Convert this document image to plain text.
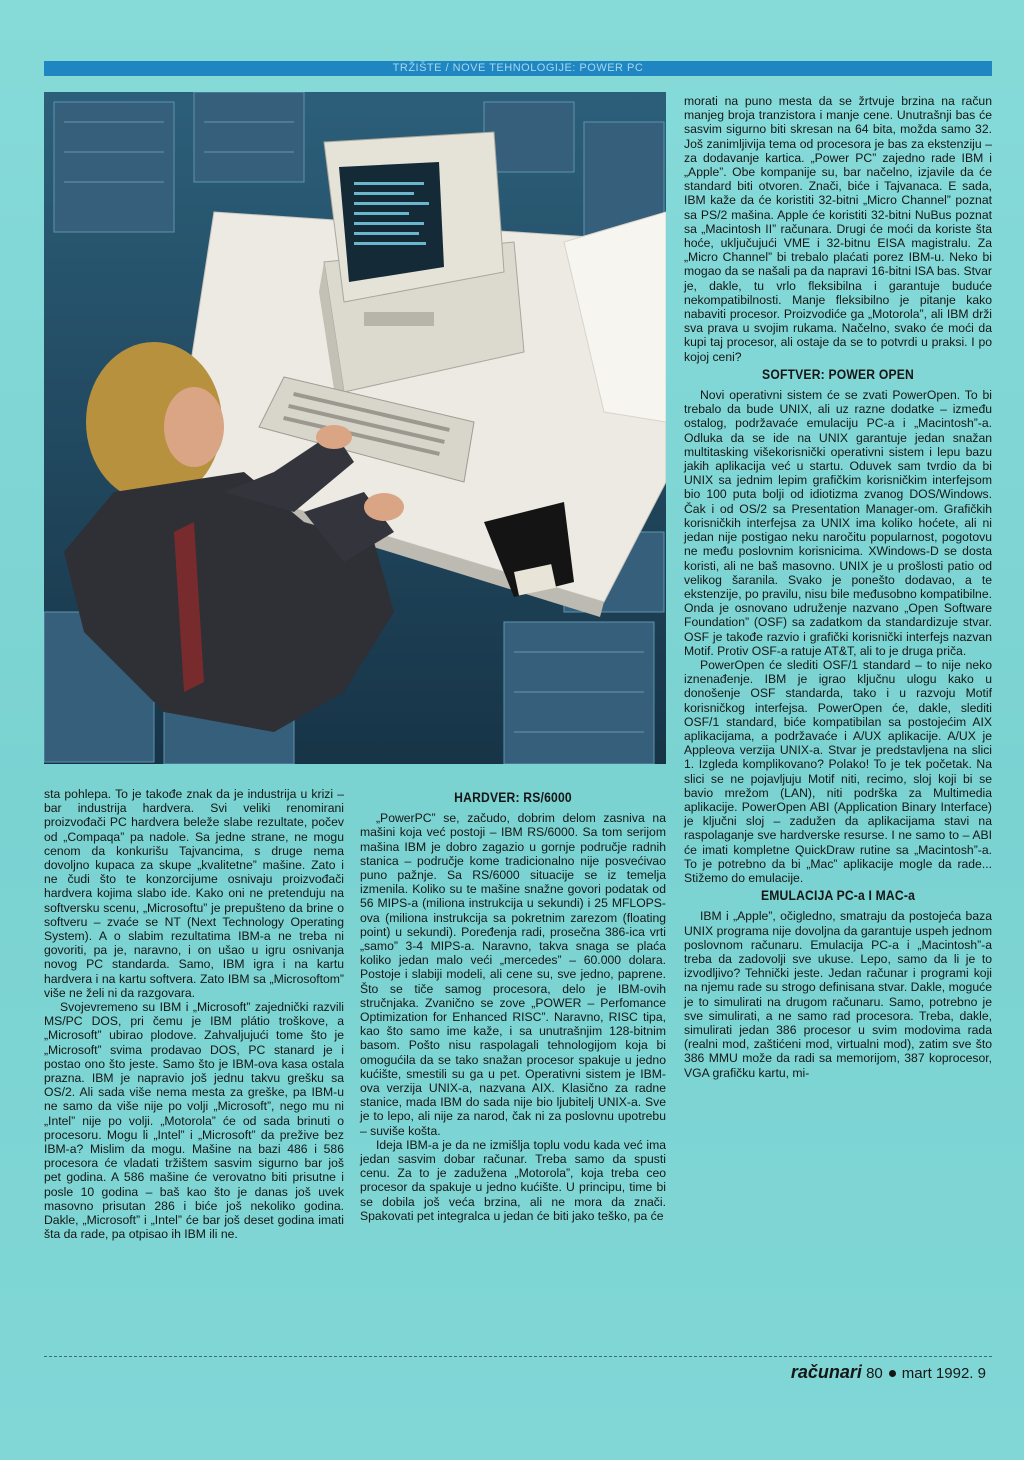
TRŽIŠTE / NOVE TEHNOLOGIJE: POWER PC

sta pohlepa. To je takođe znak da je industrija u krizi – bar industrija hardvera. Svi veliki renomirani proizvođači PC hardvera beleže slabe rezultate, počev od „Compaqa” pa nadole. Sa jedne strane, ne mogu cenom da konkurišu Tajvancima, s druge nema dovoljno kupaca za skupe „kvalitetne” mašine. Zato i ne čudi što te konzorcijume osnivaju proizvođači hardvera kojima slabo ide. Kako oni ne pretenduju na softversku scenu, „Microsoftu” je prepušteno da brine o softveru – zvaće se NT (Next Technology Operating System). A o slabim rezultatima IBM-a ne treba ni govoriti, pa je, naravno, i on ušao u igru osnivanja novog PC standarda. Samo, IBM igra i na kartu hardvera i na kartu softvera. Zato IBM sa „Microsoftom” više ne želi ni da razgovara.

Svojevremeno su IBM i „Microsoft” zajednički razvili MS/PC DOS, pri čemu je IBM plátio troškove, a „Microsoft” ubirao plodove. Zahvaljujući tome što je „Microsoft” svima prodavao DOS, PC stanard je i postao ono što jeste. Samo što je IBM-ova kasa ostala prazna. IBM je napravio još jednu takvu grešku sa OS/2. Ali sada više nema mesta za greške, pa IBM-u ne samo da više nije po volji „Microsoft”, nego mu ni „Intel” nije po volji. „Motorola” će od sada brinuti o procesoru. Mogu li „Intel” i „Microsoft” da prežive bez IBM-a? Mislim da mogu. Mašine na bazi 486 i 586 procesora će vladati tržištem sasvim sigurno bar još pet godina. A 586 mašine će verovatno biti prisutne i posle 10 godina – baš kao što je danas još uvek masovno prisutan 286 i biće još nekoliko godina. Dakle, „Microsoft” i „Intel” će bar još deset godina imati šta da rade, pa otpisao ih IBM ili ne.

HARDVER: RS/6000

„PowerPC” se, začudo, dobrim delom zasniva na mašini koja već postoji – IBM RS/6000. Sa tom serijom mašina IBM je dobro zagazio u gornje područje radnih stanica – područje kome tradicionalno nije posvećivao puno pažnje. Sa RS/6000 situacije se iz temelja izmenila. Koliko su te mašine snažne govori podatak od 56 MIPS-a (miliona instrukcija u sekundi) i 25 MFLOPS-ova (miliona instrukcija sa pokretnim zarezom (floating point) u sekundi). Poređenja radi, prosečna 386-ica vrti „samo” 3-4 MIPS-a. Naravno, takva snaga se plaća koliko jedan malo veći „mercedes” – 60.000 dolara. Postoje i slabiji modeli, ali cene su, sve jedno, paprene. Što se tiče samog procesora, delo je IBM-ovih stručnjaka. Zvanično se zove „POWER – Perfomance Optimization for Enhanced RISC”. Naravno, RISC tipa, kao što samo ime kaže, i sa unutrašnjim 128-bitnim basom. Pošto nisu raspolagali tehnologijom koja bi omogućila da se tako snažan procesor spakuje u jedno kućište, smestili su ga u pet. Operativni sistem je IBM-ova verzija UNIX-a, nazvana AIX. Klasično za radne stanice, mada IBM do sada nije bio ljubitelj UNIX-a. Sve je to lepo, ali nije za narod, čak ni za poslovnu upotrebu – suviše košta.

Ideja IBM-a je da ne izmišlja toplu vodu kada već ima jedan sasvim dobar računar. Treba samo da spusti cenu. Za to je zadužena „Motorola”, koja treba ceo procesor da spakuje u jedno kućište. U principu, time bi se dobila još veća brzina, ali ne mora da znači. Spakovati pet integralca u jedan će biti jako teško, pa će

morati na puno mesta da se žrtvuje brzina na račun manjeg broja tranzistora i manje cene. Unutrašnji bas će sasvim sigurno biti skresan na 64 bita, možda samo 32. Još zanimljivija tema od procesora je bas za ekstenziju – za dodavanje kartica. „Power PC” zajedno rade IBM i „Apple”. Obe kompanije su, bar načelno, izjavile da će standard biti otvoren. Znači, biće i Tajvanaca. E sada, IBM kaže da će koristiti 32-bitni „Micro Channel” poznat sa PS/2 mašina. Apple će koristiti 32-bitni NuBus poznat sa „Macintosh II” računara. Drugi će moći da koriste šta hoće, uključujući VME i 32-bitnu EISA magistralu. Za „Micro Channel” bi trebalo plaćati porez IBM-u. Neko bi mogao da se našali pa da napravi 16-bitni ISA bas. Stvar je, dakle, tu vrlo fleksibilna i garantuje buduće nekompatibilnosti. Manje fleksibilno je pitanje kako nabaviti procesor. Proizvodiće ga „Motorola”, ali IBM drži sva prava u svojim rukama. Načelno, svako će moći da kupi taj procesor, ali ostaje da se to potvrdi u praksi. I po kojoj ceni?

SOFTVER: POWER OPEN

Novi operativni sistem će se zvati PowerOpen. To bi trebalo da bude UNIX, ali uz razne dodatke – između ostalog, podržavaće emulaciju PC-a i „Macintosh”-a. Odluka da se ide na UNIX garantuje jedan snažan multitasking višekorisnički operativni sistem i lepu bazu jakih aplikacija već u startu. Oduvek sam tvrdio da bi UNIX sa jednim lepim grafičkim korisničkim interfejsom bio 100 puta bolji od idiotizma zvanog DOS/Windows. Čak i od OS/2 sa Presentation Manager-om. Grafičkih korisničkih interfejsa za UNIX ima koliko hoćete, ali ni jedan nije postigao neku naročitu popularnost, pogotovu ne među poslovnim korisnicima. XWindows-D se dosta koristi, ali ne baš masovno. UNIX je u prošlosti patio od velikog šaranila. Svako je ponešto dodavao, a te ekstenzije, po pravilu, nisu bile međusobno kompatibilne. Onda je osnovano udruženje nazvano „Open Software Foundation” (OSF) sa zadatkom da standardizuje stvar. OSF je takođe razvio i grafički korisnički interfejs nazvan Motif. Protiv OSF-a ratuje AT&T, ali to je druga priča.

PowerOpen će slediti OSF/1 standard – to nije neko iznenađenje. IBM je igrao ključnu ulogu kako u donošenje OSF standarda, tako i u razvoju Motif korisničkog interfejsa. PowerOpen će, dakle, slediti OSF/1 standard, biće kompatibilan sa postojećim AIX aplikacijama, a podržavaće i A/UX aplikacije. A/UX je Appleova verzija UNIX-a. Stvar je predstavljena na slici 1. Izgleda komplikovano? Polako! To je tek početak. Na slici se ne pojavljuju Motif niti, recimo, sloj koji bi se bavio mrežom (LAN), niti podrška za Multimedia aplikacije. PowerOpen ABI (Application Binary Interface) je ključni sloj – zadužen da aplikacijama stavi na raspolaganje sve hardverske resurse. I ne samo to – ABI će imati kompletne QuickDraw rutine sa „Macintosh”-a. To je potrebno da bi „Mac” aplikacije mogle da rade... Stižemo do emulacije.

EMULACIJA PC-a I MAC-a

IBM i „Apple”, očigledno, smatraju da postojeća baza UNIX programa nije dovoljna da garantuje uspeh jednom poslovnom računaru. Emulacija PC-a i „Macintosh”-a treba da zadovolji sve ukuse. Lepo, samo da li je to izvodljivo? Tehnički jeste. Jedan računar i programi koji na njemu rade su strogo definisana stvar. Dakle, moguće je to simulirati na drugom računaru. Samo, potrebno je sve simulirati, a ne samo rad procesora. Treba, dakle, simulirati jedan 386 procesor u svim modovima rada (realni mod, zaštićeni mod, virtualni mod), zatim sve što 386 MMU može da radi sa memorijom, 387 koprocesor, VGA grafičku kartu, mi-

računari 80 mart 1992. 9
